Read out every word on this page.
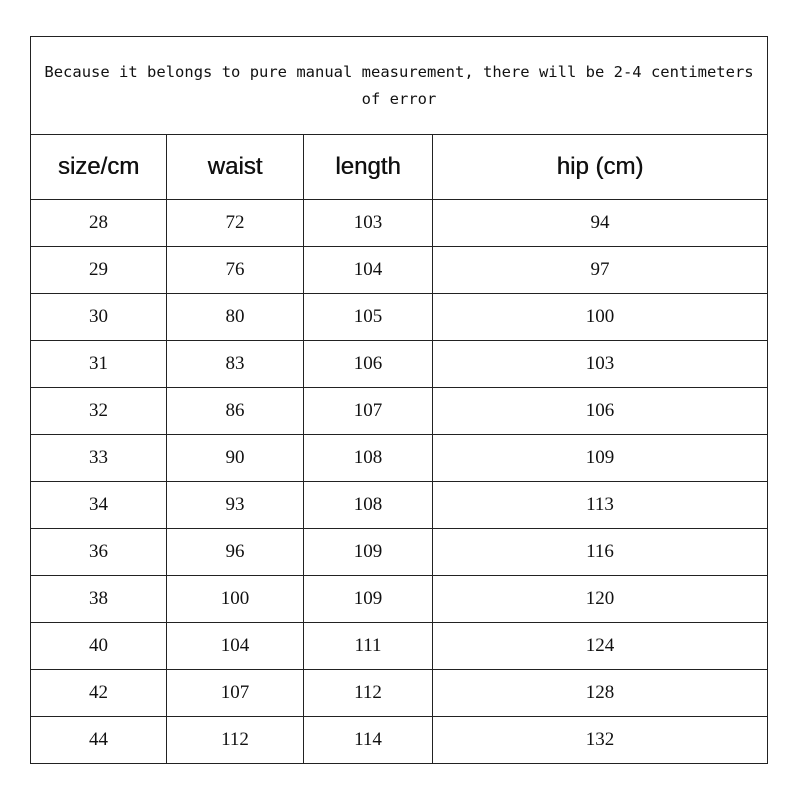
Because it belongs to pure manual measurement, there will be 2-4 centimeters of error			
size/cm	waist	length	hip (cm)
28	72	103	94
29	76	104	97
30	80	105	100
31	83	106	103
32	86	107	106
33	90	108	109
34	93	108	113
36	96	109	116
38	100	109	120
40	104	111	124
42	107	112	128
44	112	114	132
